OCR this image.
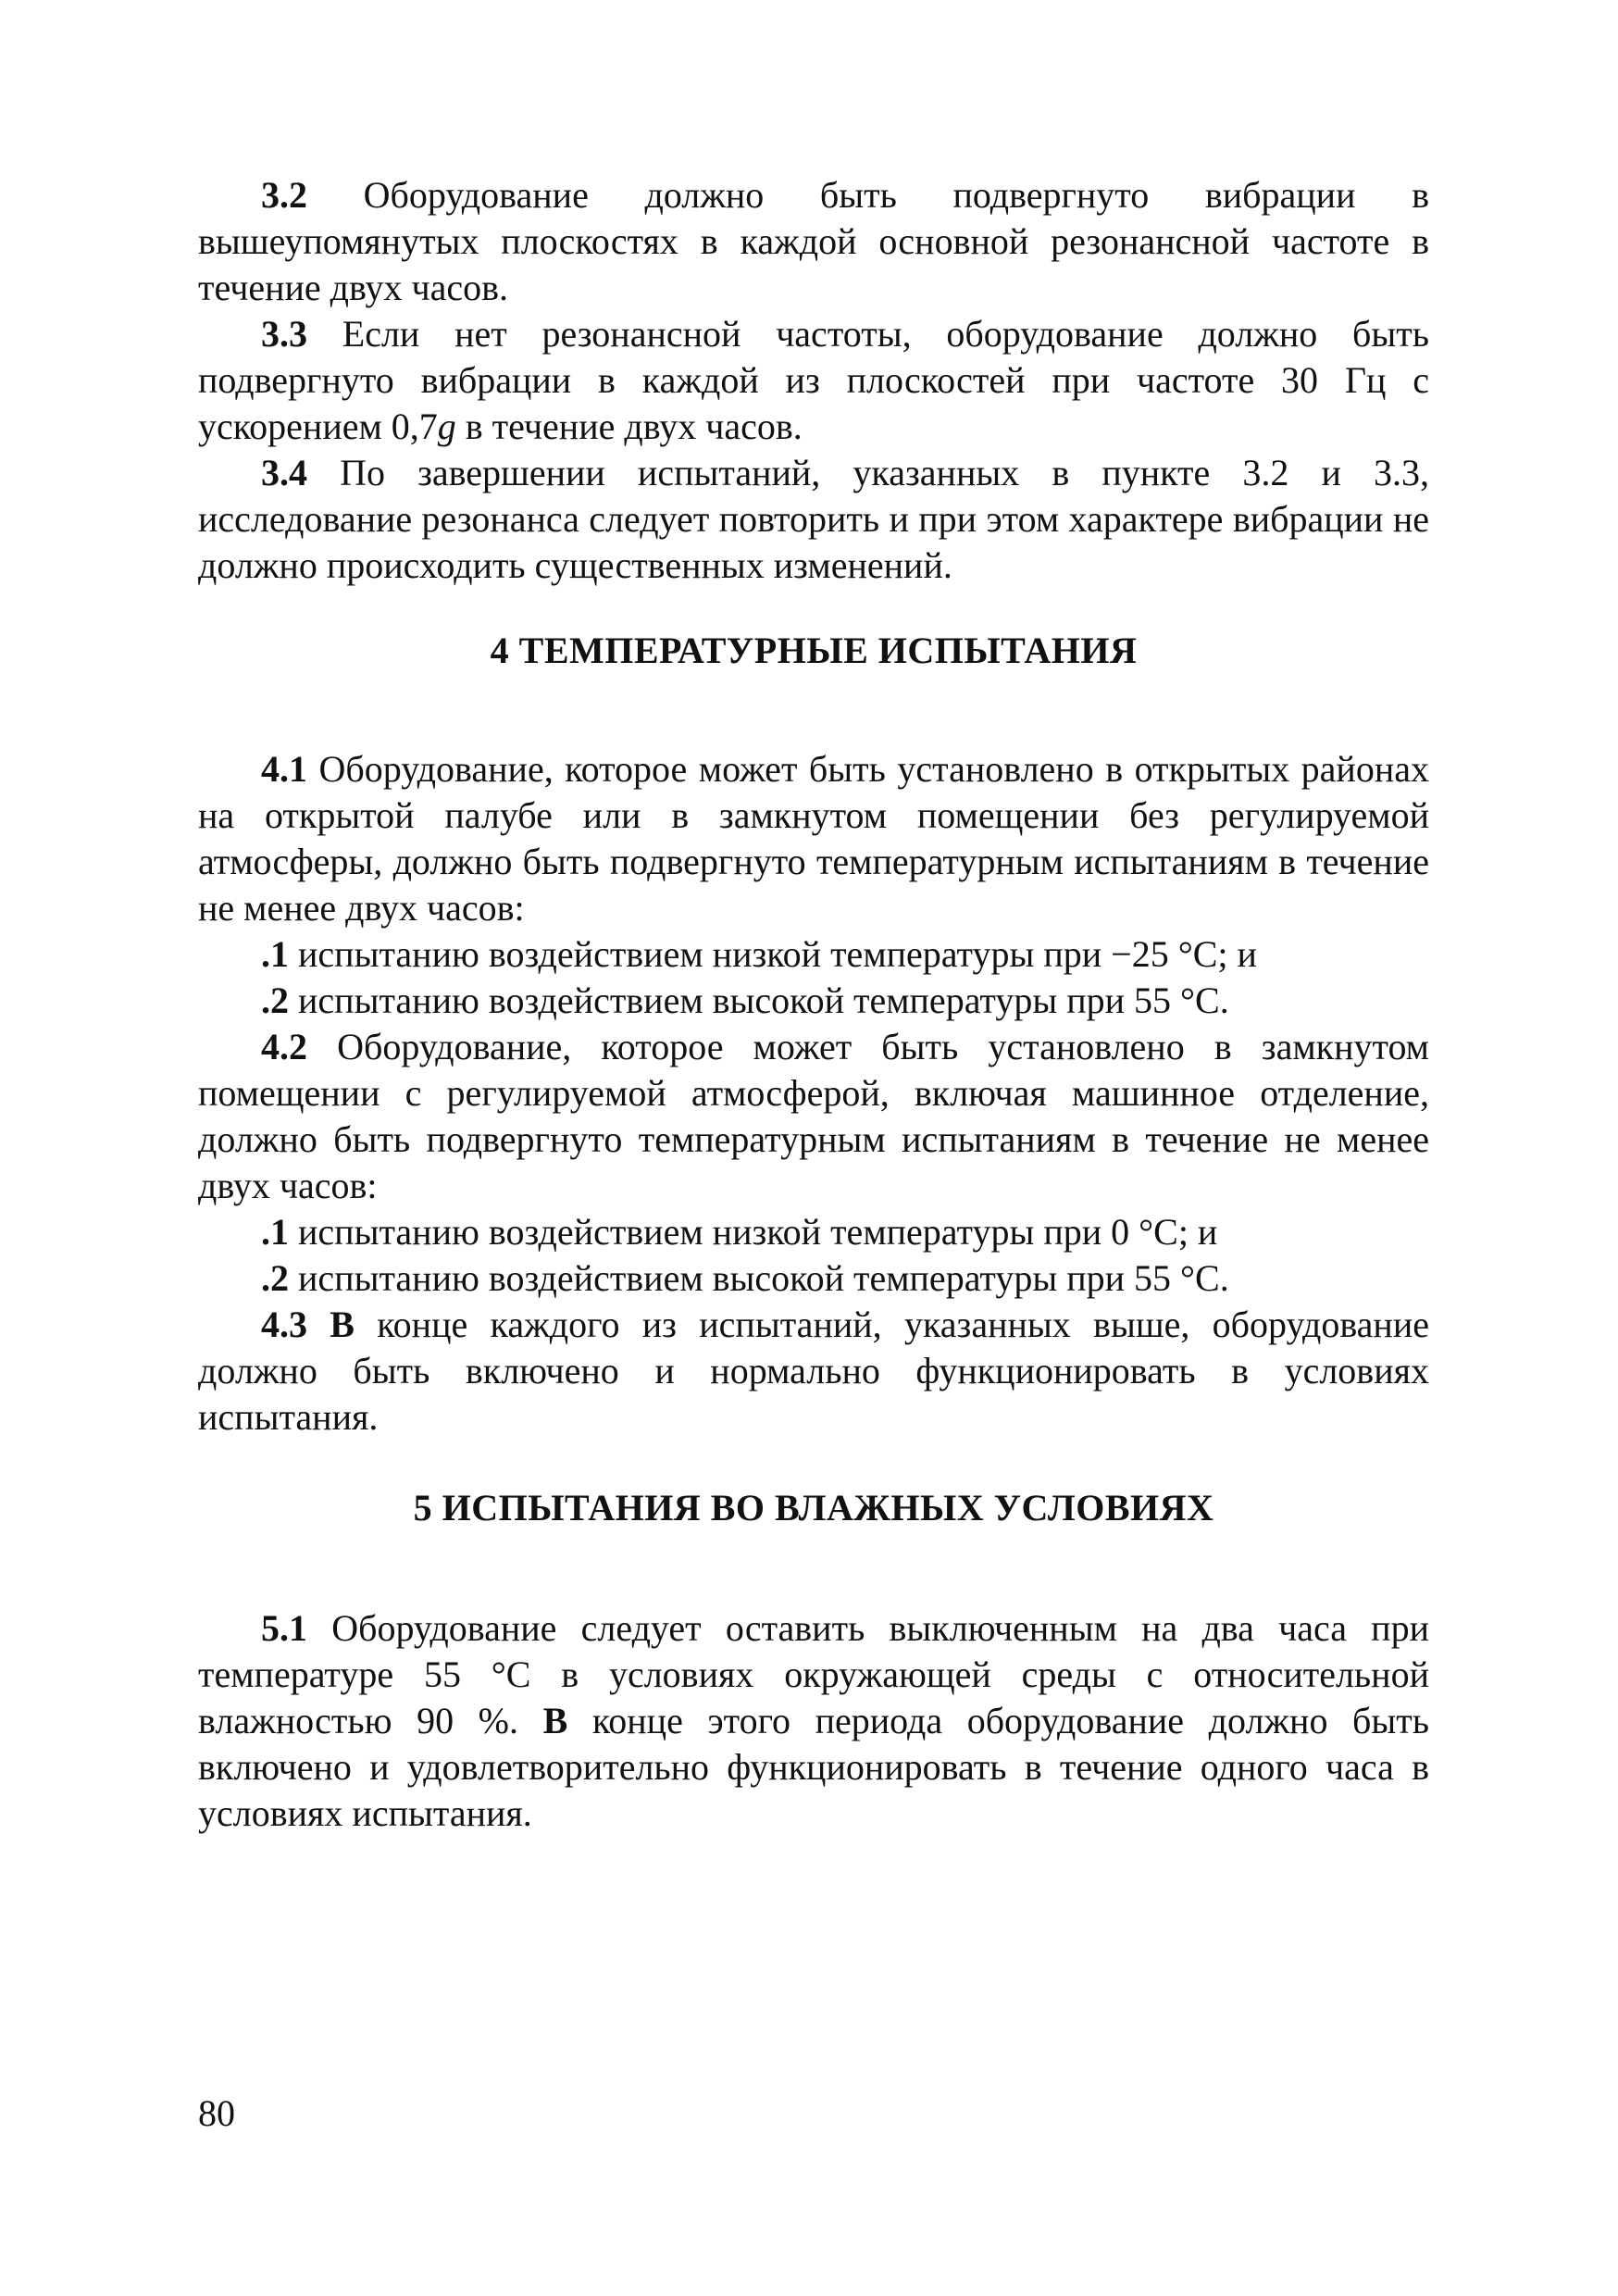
3.2 Оборудование должно быть подвергнуто вибрации в вышеупомянутых плоскостях в каждой основной резонансной частоте в течение двух часов.

3.3 Если нет резонансной частоты, оборудование должно быть подвергнуто вибрации в каждой из плоскостей при частоте 30 Гц с ускорением 0,7g в течение двух часов.

3.4 По завершении испытаний, указанных в пункте 3.2 и 3.3, исследование резонанса следует повторить и при этом характере вибрации не должно происходить существенных изменений.

4 ТЕМПЕРАТУРНЫЕ ИСПЫТАНИЯ

4.1 Оборудование, которое может быть установлено в открытых районах на открытой палубе или в замкнутом помещении без регулируемой атмосферы, должно быть подвергнуто температурным испытаниям в течение не менее двух часов:

.1 испытанию воздействием низкой температуры при −25 °С; и

.2 испытанию воздействием высокой температуры при 55 °С.

4.2 Оборудование, которое может быть установлено в замкнутом помещении с регулируемой атмосферой, включая машинное отделение, должно быть подвергнуто температурным испытаниям в течение не менее двух часов:

.1 испытанию воздействием низкой температуры при 0 °С; и

.2 испытанию воздействием высокой температуры при 55 °С.

4.3 В конце каждого из испытаний, указанных выше, оборудование должно быть включено и нормально функционировать в условиях испытания.

5 ИСПЫТАНИЯ ВО ВЛАЖНЫХ УСЛОВИЯХ

5.1 Оборудование следует оставить выключенным на два часа при температуре 55 °С в условиях окружающей среды с относительной влажностью 90 %. В конце этого периода оборудование должно быть включено и удовлетворительно функционировать в течение одного часа в условиях испытания.

80
